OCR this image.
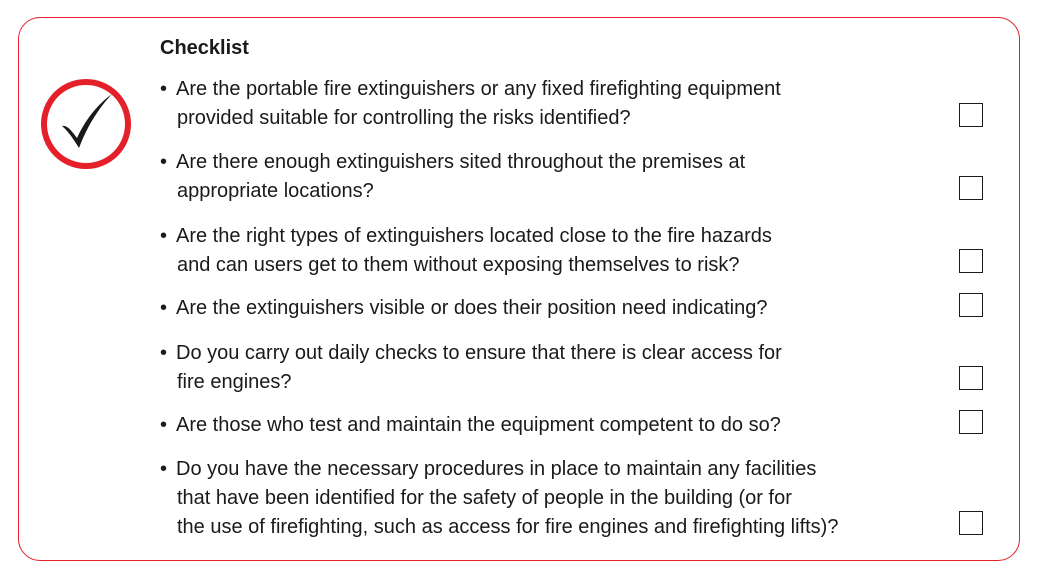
Checklist
• Are the portable fire extinguishers or any fixed firefighting equipment
provided suitable for controlling the risks identified?
• Are there enough extinguishers sited throughout the premises at
appropriate locations?
• Are the right types of extinguishers located close to the fire hazards
and can users get to them without exposing themselves to risk?
• Are the extinguishers visible or does their position need indicating?
• Do you carry out daily checks to ensure that there is clear access for
fire engines?
• Are those who test and maintain the equipment competent to do so?
• Do you have the necessary procedures in place to maintain any facilities
that have been identified for the safety of people in the building (or for
the use of firefighting, such as access for fire engines and firefighting lifts)?
